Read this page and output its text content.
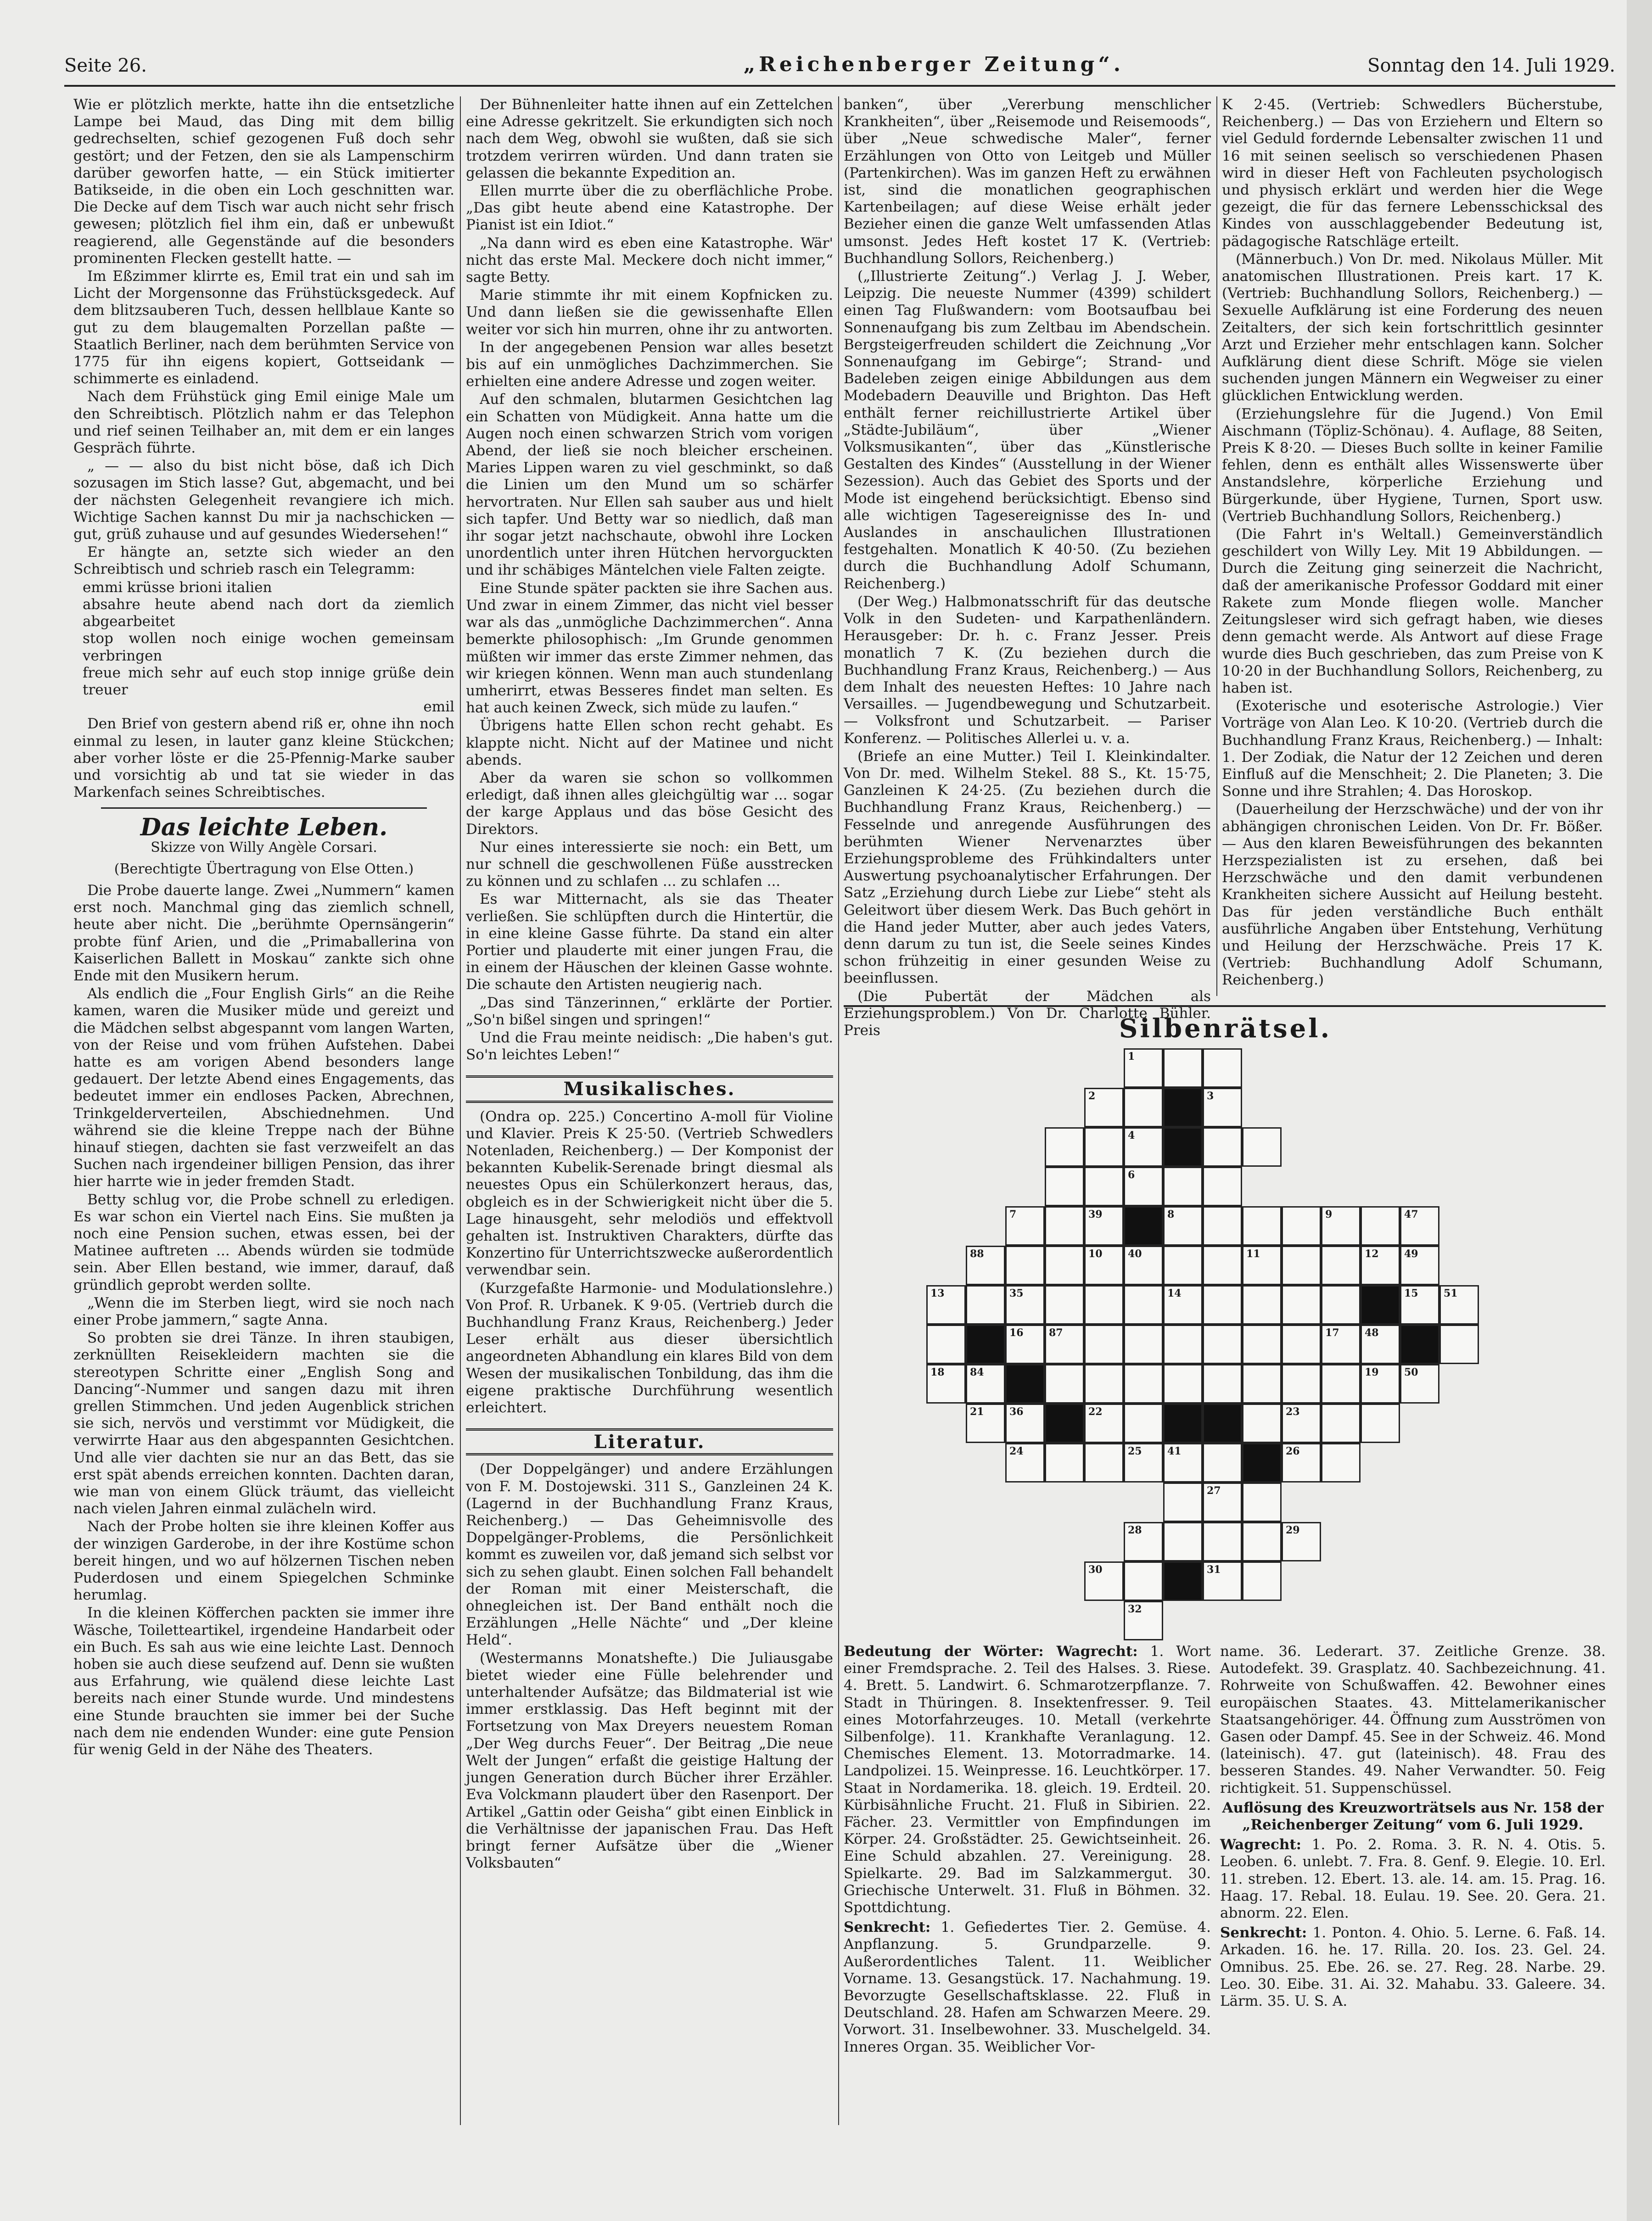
Seite 26.	„Reichenberger Zeitung“.	Sonntag den 14. Juli 1929.

Wie er plötzlich merkte, hatte ihn die entsetzliche Lampe bei Maud, das Ding mit dem billig gedrechselten, schief gezogenen Fuß doch sehr gestört; und der Fetzen, den sie als Lampenschirm darüber geworfen hatte, — ein Stück imitierter Batikseide, in die oben ein Loch geschnitten war. Die Decke auf dem Tisch war auch nicht sehr frisch gewesen; plötzlich fiel ihm ein, daß er unbewußt reagierend, alle Gegenstände auf die besonders prominenten Flecken gestellt hatte. —

Im Eßzimmer klirrte es, Emil trat ein und sah im Licht der Morgensonne das Frühstücksgedeck. Auf dem blitzsauberen Tuch, dessen hellblaue Kante so gut zu dem blaugemalten Porzellan paßte — Staatlich Berliner, nach dem berühmten Service von 1775 für ihn eigens kopiert, Gottseidank — schimmerte es einladend.

Nach dem Frühstück ging Emil einige Male um den Schreibtisch. Plötzlich nahm er das Telephon und rief seinen Teilhaber an, mit dem er ein langes Gespräch führte.

„ — — also du bist nicht böse, daß ich Dich sozusagen im Stich lasse? Gut, abgemacht, und bei der nächsten Gelegenheit revangiere ich mich. Wichtige Sachen kannst Du mir ja nachschicken — gut, grüß zuhause und auf gesundes Wiedersehen!“

Er hängte an, setzte sich wieder an den Schreibtisch und schrieb rasch ein Telegramm:

emmi krüsse brioni italien

absahre heute abend nach dort da ziemlich abgearbeitet

stop wollen noch einige wochen gemeinsam verbringen

freue mich sehr auf euch stop innige grüße dein treuer

emil

Den Brief von gestern abend riß er, ohne ihn noch einmal zu lesen, in lauter ganz kleine Stückchen; aber vorher löste er die 25-Pfennig-Marke sauber und vorsichtig ab und tat sie wieder in das Markenfach seines Schreibtisches.

Das leichte Leben.
Skizze von Willy Angèle Corsari.
(Berechtigte Übertragung von Else Otten.)

Die Probe dauerte lange. Zwei „Nummern“ kamen erst noch. Manchmal ging das ziemlich schnell, heute aber nicht. Die „berühmte Opernsängerin“ probte fünf Arien, und die „Primaballerina von Kaiserlichen Ballett in Moskau“ zankte sich ohne Ende mit den Musikern herum.

Als endlich die „Four English Girls“ an die Reihe kamen, waren die Musiker müde und gereizt und die Mädchen selbst abgespannt vom langen Warten, von der Reise und vom frühen Aufstehen. Dabei hatte es am vorigen Abend besonders lange gedauert. Der letzte Abend eines Engagements, das bedeutet immer ein endloses Packen, Abrechnen, Trinkgelderverteilen, Abschiednehmen. Und während sie die kleine Treppe nach der Bühne hinauf stiegen, dachten sie fast verzweifelt an das Suchen nach irgendeiner billigen Pension, das ihrer hier harrte wie in jeder fremden Stadt.

Betty schlug vor, die Probe schnell zu erledigen. Es war schon ein Viertel nach Eins. Sie mußten ja noch eine Pension suchen, etwas essen, bei der Matinee auftreten ... Abends würden sie todmüde sein. Aber Ellen bestand, wie immer, darauf, daß gründlich geprobt werden sollte.

„Wenn die im Sterben liegt, wird sie noch nach einer Probe jammern,“ sagte Anna.

So probten sie drei Tänze. In ihren staubigen, zerknüllten Reisekleidern machten sie die stereotypen Schritte einer „English Song and Dancing“-Nummer und sangen dazu mit ihren grellen Stimmchen. Und jeden Augenblick strichen sie sich, nervös und verstimmt vor Müdigkeit, die verwirrte Haar aus den abgespannten Gesichtchen. Und alle vier dachten sie nur an das Bett, das sie erst spät abends erreichen konnten. Dachten daran, wie man von einem Glück träumt, das vielleicht nach vielen Jahren einmal zulächeln wird.

Nach der Probe holten sie ihre kleinen Koffer aus der winzigen Garderobe, in der ihre Kostüme schon bereit hingen, und wo auf hölzernen Tischen neben Puderdosen und einem Spiegelchen Schminke herumlag.

In die kleinen Köfferchen packten sie immer ihre Wäsche, Toiletteartikel, irgendeine Handarbeit oder ein Buch. Es sah aus wie eine leichte Last. Dennoch hoben sie auch diese seufzend auf. Denn sie wußten aus Erfahrung, wie quälend diese leichte Last bereits nach einer Stunde wurde. Und mindestens eine Stunde brauchten sie immer bei der Suche nach dem nie endenden Wunder: eine gute Pension für wenig Geld in der Nähe des Theaters.

Der Bühnenleiter hatte ihnen auf ein Zettelchen eine Adresse gekritzelt. Sie erkundigten sich noch nach dem Weg, obwohl sie wußten, daß sie sich trotzdem verirren würden. Und dann traten sie gelassen die bekannte Expedition an.

Ellen murrte über die zu oberflächliche Probe. „Das gibt heute abend eine Katastrophe. Der Pianist ist ein Idiot.“

„Na dann wird es eben eine Katastrophe. Wär' nicht das erste Mal. Meckere doch nicht immer,“ sagte Betty.

Marie stimmte ihr mit einem Kopfnicken zu. Und dann ließen sie die gewissenhafte Ellen weiter vor sich hin murren, ohne ihr zu antworten.

In der angegebenen Pension war alles besetzt bis auf ein unmögliches Dachzimmerchen. Sie erhielten eine andere Adresse und zogen weiter.

Auf den schmalen, blutarmen Gesichtchen lag ein Schatten von Müdigkeit. Anna hatte um die Augen noch einen schwarzen Strich vom vorigen Abend, der ließ sie noch bleicher erscheinen. Maries Lippen waren zu viel geschminkt, so daß die Linien um den Mund um so schärfer hervortraten. Nur Ellen sah sauber aus und hielt sich tapfer. Und Betty war so niedlich, daß man ihr sogar jetzt nachschaute, obwohl ihre Locken unordentlich unter ihren Hütchen hervorguckten und ihr schäbiges Mäntelchen viele Falten zeigte.

Eine Stunde später packten sie ihre Sachen aus. Und zwar in einem Zimmer, das nicht viel besser war als das „unmögliche Dachzimmerchen“. Anna bemerkte philosophisch: „Im Grunde genommen müßten wir immer das erste Zimmer nehmen, das wir kriegen können. Wenn man auch stundenlang umherirrt, etwas Besseres findet man selten. Es hat auch keinen Zweck, sich müde zu laufen.“

Übrigens hatte Ellen schon recht gehabt. Es klappte nicht. Nicht auf der Matinee und nicht abends.

Aber da waren sie schon so vollkommen erledigt, daß ihnen alles gleichgültig war ... sogar der karge Applaus und das böse Gesicht des Direktors.

Nur eines interessierte sie noch: ein Bett, um nur schnell die geschwollenen Füße ausstrecken zu können und zu schlafen ... zu schlafen ...

Es war Mitternacht, als sie das Theater verließen. Sie schlüpften durch die Hintertür, die in eine kleine Gasse führte. Da stand ein alter Portier und plauderte mit einer jungen Frau, die in einem der Häuschen der kleinen Gasse wohnte. Die schaute den Artisten neugierig nach.

„Das sind Tänzerinnen,“ erklärte der Portier. „So'n bißel singen und springen!“

Und die Frau meinte neidisch: „Die haben's gut. So'n leichtes Leben!“

Musikalisches.

(Ondra op. 225.) Concertino A-moll für Violine und Klavier. Preis K 25·50. (Vertrieb Schwedlers Notenladen, Reichenberg.) — Der Komponist der bekannten Kubelik-Serenade bringt diesmal als neuestes Opus ein Schülerkonzert heraus, das, obgleich es in der Schwierigkeit nicht über die 5. Lage hinausgeht, sehr melodiös und effektvoll gehalten ist. Instruktiven Charakters, dürfte das Konzertino für Unterrichtszwecke außerordentlich verwendbar sein.

(Kurzgefaßte Harmonie- und Modulationslehre.) Von Prof. R. Urbanek. K 9·05. (Vertrieb durch die Buchhandlung Franz Kraus, Reichenberg.) Jeder Leser erhält aus dieser übersichtlich angeordneten Abhandlung ein klares Bild von dem Wesen der musikalischen Tonbildung, das ihm die eigene praktische Durchführung wesentlich erleichtert.

Literatur.

(Der Doppelgänger) und andere Erzählungen von F. M. Dostojewski. 311 S., Ganzleinen 24 K. (Lagernd in der Buchhandlung Franz Kraus, Reichenberg.) — Das Geheimnisvolle des Doppelgänger-Problems, die Persönlichkeit kommt es zuweilen vor, daß jemand sich selbst vor sich zu sehen glaubt. Einen solchen Fall behandelt der Roman mit einer Meisterschaft, die ohnegleichen ist. Der Band enthält noch die Erzählungen „Helle Nächte“ und „Der kleine Held“.

(Westermanns Monatshefte.) Die Juliausgabe bietet wieder eine Fülle belehrender und unterhaltender Aufsätze; das Bildmaterial ist wie immer erstklassig. Das Heft beginnt mit der Fortsetzung von Max Dreyers neuestem Roman „Der Weg durchs Feuer“. Der Beitrag „Die neue Welt der Jungen“ erfaßt die geistige Haltung der jungen Generation durch Bücher ihrer Erzähler. Eva Volckmann plaudert über den Rasenport. Der Artikel „Gattin oder Geisha“ gibt einen Einblick in die Verhältnisse der japanischen Frau. Das Heft bringt ferner Aufsätze über die „Wiener Volksbauten“

banken“, über „Vererbung menschlicher Krankheiten“, über „Reisemode und Reisemoods“, über „Neue schwedische Maler“, ferner Erzählungen von Otto von Leitgeb und Müller (Partenkirchen). Was im ganzen Heft zu erwähnen ist, sind die monatlichen geographischen Kartenbeilagen; auf diese Weise erhält jeder Bezieher einen die ganze Welt umfassenden Atlas umsonst. Jedes Heft kostet 17 K. (Vertrieb: Buchhandlung Sollors, Reichenberg.)

(„Illustrierte Zeitung“.) Verlag J. J. Weber, Leipzig. Die neueste Nummer (4399) schildert einen Tag Flußwandern: vom Bootsaufbau bei Sonnenaufgang bis zum Zeltbau im Abendschein. Bergsteigerfreuden schildert die Zeichnung „Vor Sonnenaufgang im Gebirge“; Strand- und Badeleben zeigen einige Abbildungen aus dem Modebadern Deauville und Brighton. Das Heft enthält ferner reichillustrierte Artikel über „Städte-Jubiläum“, über „Wiener Volksmusikanten“, über das „Künstlerische Gestalten des Kindes“ (Ausstellung in der Wiener Sezession). Auch das Gebiet des Sports und der Mode ist eingehend berücksichtigt. Ebenso sind alle wichtigen Tagesereignisse des In- und Auslandes in anschaulichen Illustrationen festgehalten. Monatlich K 40·50. (Zu beziehen durch die Buchhandlung Adolf Schumann, Reichenberg.)

(Der Weg.) Halbmonatsschrift für das deutsche Volk in den Sudeten- und Karpathenländern. Herausgeber: Dr. h. c. Franz Jesser. Preis monatlich 7 K. (Zu beziehen durch die Buchhandlung Franz Kraus, Reichenberg.) — Aus dem Inhalt des neuesten Heftes: 10 Jahre nach Versailles. — Jugendbewegung und Schutzarbeit. — Volksfront und Schutzarbeit. — Pariser Konferenz. — Politisches Allerlei u. v. a.

(Briefe an eine Mutter.) Teil I. Kleinkindalter. Von Dr. med. Wilhelm Stekel. 88 S., Kt. 15·75, Ganzleinen K 24·25. (Zu beziehen durch die Buchhandlung Franz Kraus, Reichenberg.) — Fesselnde und anregende Ausführungen des berühmten Wiener Nervenarztes über Erziehungsprobleme des Frühkindalters unter Auswertung psychoanalytischer Erfahrungen. Der Satz „Erziehung durch Liebe zur Liebe“ steht als Geleitwort über diesem Werk. Das Buch gehört in die Hand jeder Mutter, aber auch jedes Vaters, denn darum zu tun ist, die Seele seines Kindes schon frühzeitig in einer gesunden Weise zu beeinflussen.

(Die Pubertät der Mädchen als Erziehungsproblem.) Von Dr. Charlotte Bühler. Preis

K 2·45. (Vertrieb: Schwedlers Bücherstube, Reichenberg.) — Das von Erziehern und Eltern so viel Geduld fordernde Lebensalter zwischen 11 und 16 mit seinen seelisch so verschiedenen Phasen wird in dieser Heft von Fachleuten psychologisch und physisch erklärt und werden hier die Wege gezeigt, die für das fernere Lebensschicksal des Kindes von ausschlaggebender Bedeutung ist, pädagogische Ratschläge erteilt.

(Männerbuch.) Von Dr. med. Nikolaus Müller. Mit anatomischen Illustrationen. Preis kart. 17 K. (Vertrieb: Buchhandlung Sollors, Reichenberg.) — Sexuelle Aufklärung ist eine Forderung des neuen Zeitalters, der sich kein fortschrittlich gesinnter Arzt und Erzieher mehr entschlagen kann. Solcher Aufklärung dient diese Schrift. Möge sie vielen suchenden jungen Männern ein Wegweiser zu einer glücklichen Entwicklung werden.

(Erziehungslehre für die Jugend.) Von Emil Aischmann (Töpliz-Schönau). 4. Auflage, 88 Seiten, Preis K 8·20. — Dieses Buch sollte in keiner Familie fehlen, denn es enthält alles Wissenswerte über Anstandslehre, körperliche Erziehung und Bürgerkunde, über Hygiene, Turnen, Sport usw. (Vertrieb Buchhandlung Sollors, Reichenberg.)

(Die Fahrt in's Weltall.) Gemeinverständlich geschildert von Willy Ley. Mit 19 Abbildungen. — Durch die Zeitung ging seinerzeit die Nachricht, daß der amerikanische Professor Goddard mit einer Rakete zum Monde fliegen wolle. Mancher Zeitungsleser wird sich gefragt haben, wie dieses denn gemacht werde. Als Antwort auf diese Frage wurde dies Buch geschrieben, das zum Preise von K 10·20 in der Buchhandlung Sollors, Reichenberg, zu haben ist.

(Exoterische und esoterische Astrologie.) Vier Vorträge von Alan Leo. K 10·20. (Vertrieb durch die Buchhandlung Franz Kraus, Reichenberg.) — Inhalt: 1. Der Zodiak, die Natur der 12 Zeichen und deren Einfluß auf die Menschheit; 2. Die Planeten; 3. Die Sonne und ihre Strahlen; 4. Das Horoskop.

(Dauerheilung der Herzschwäche) und der von ihr abhängigen chronischen Leiden. Von Dr. Fr. Bößer. — Aus den klaren Beweisführungen des bekannten Herzspezialisten ist zu ersehen, daß bei Herzschwäche und den damit verbundenen Krankheiten sichere Aussicht auf Heilung besteht. Das für jeden verständliche Buch enthält ausführliche Angaben über Entstehung, Verhütung und Heilung der Herzschwäche. Preis 17 K. (Vertrieb: Buchhandlung Adolf Schumann, Reichenberg.)

Silbenrätsel.
1
2	3
4
6
7	39	8	9	47
88	10	40	11	12	49
13	35	14	15	51
16	87	17	48
18	84	19	50
21	36	22	23
24	25	41	26
27
28	29
30	31
32

Bedeutung der Wörter: Wagrecht: 1. Wort einer Fremdsprache. 2. Teil des Halses. 3. Riese. 4. Brett. 5. Landwirt. 6. Schmarotzerpflanze. 7. Stadt in Thüringen. 8. Insektenfresser. 9. Teil eines Motorfahrzeuges. 10. Metall (verkehrte Silbenfolge). 11. Krankhafte Veranlagung. 12. Chemisches Element. 13. Motorradmarke. 14. Landpolizei. 15. Weinpresse. 16. Leuchtkörper. 17. Staat in Nordamerika. 18. gleich. 19. Erdteil. 20. Kürbisähnliche Frucht. 21. Fluß in Sibirien. 22. Fächer. 23. Vermittler von Empfindungen im Körper. 24. Großstädter. 25. Gewichtseinheit. 26. Eine Schuld abzahlen. 27. Vereinigung. 28. Spielkarte. 29. Bad im Salzkammergut. 30. Griechische Unterwelt. 31. Fluß in Böhmen. 32. Spottdichtung.

Senkrecht: 1. Gefiedertes Tier. 2. Gemüse. 4. Anpflanzung. 5. Grundparzelle. 9. Außerordentliches Talent. 11. Weiblicher Vorname. 13. Gesangstück. 17. Nachahmung. 19. Bevorzugte Gesellschaftsklasse. 22. Fluß in Deutschland. 28. Hafen am Schwarzen Meere. 29. Vorwort. 31. Inselbewohner. 33. Muschelgeld. 34. Inneres Organ. 35. Weiblicher Vor-

name. 36. Lederart. 37. Zeitliche Grenze. 38. Autodefekt. 39. Grasplatz. 40. Sachbezeichnung. 41. Rohrweite von Schußwaffen. 42. Bewohner eines europäischen Staates. 43. Mittelamerikanischer Staatsangehöriger. 44. Öffnung zum Ausströmen von Gasen oder Dampf. 45. See in der Schweiz. 46. Mond (lateinisch). 47. gut (lateinisch). 48. Frau des besseren Standes. 49. Naher Verwandter. 50. Feig richtigkeit. 51. Suppenschüssel.

Auflösung des Kreuzworträtsels aus Nr. 158 der „Reichenberger Zeitung“ vom 6. Juli 1929.

Wagrecht: 1. Po. 2. Roma. 3. R. N. 4. Otis. 5. Leoben. 6. unlebt. 7. Fra. 8. Genf. 9. Elegie. 10. Erl. 11. streben. 12. Ebert. 13. ale. 14. am. 15. Prag. 16. Haag. 17. Rebal. 18. Eulau. 19. See. 20. Gera. 21. abnorm. 22. Elen.

Senkrecht: 1. Ponton. 4. Ohio. 5. Lerne. 6. Faß. 14. Arkaden. 16. he. 17. Rilla. 20. Ios. 23. Gel. 24. Omnibus. 25. Ebe. 26. se. 27. Reg. 28. Narbe. 29. Leo. 30. Eibe. 31. Ai. 32. Mahabu. 33. Galeere. 34. Lärm. 35. U. S. A.
